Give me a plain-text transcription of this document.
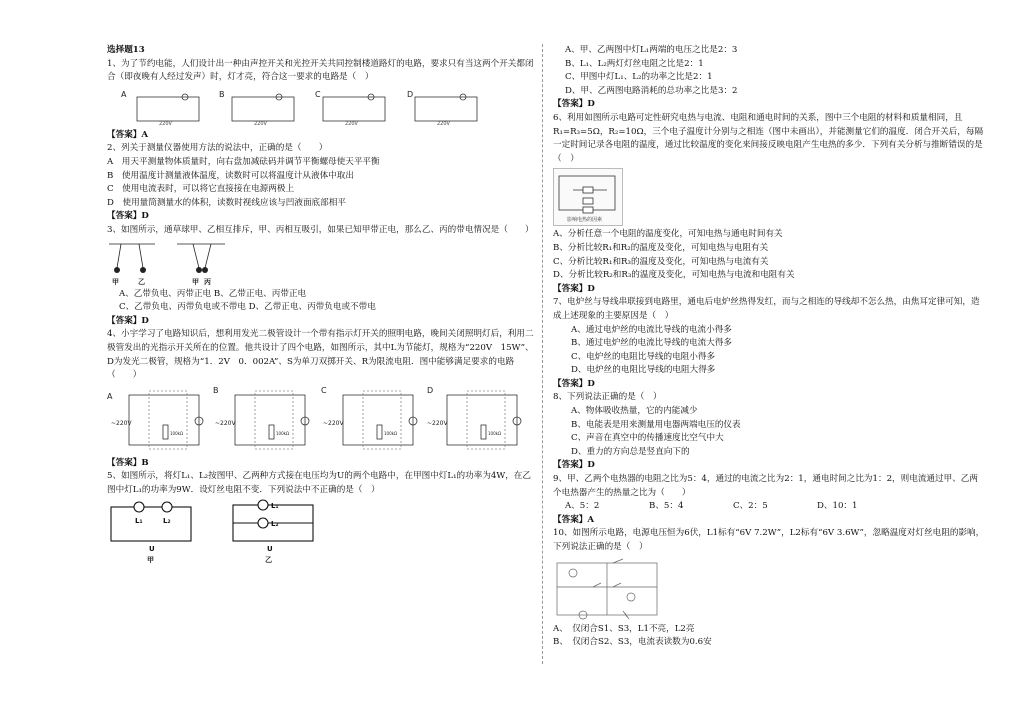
选择题13

1、为了节约电能，人们设计出一种由声控开关和光控开关共同控制楼道路灯的电路，要求只有当这两个开关都闭合（即夜晚有人经过发声）时，灯才亮，符合这一要求的电路是（　）

A	B	C	D
220V	220V	220V	220V

【答案】A

2、列关于测量仪器使用方法的说法中，正确的是（　　）

A　用天平测量物体质量时，向右盘加减砝码并调节平衡螺母使天平平衡

B　使用温度计测量液体温度，读数时可以将温度计从液体中取出

C　使用电流表时，可以将它直接接在电源两极上

D　使用量筒测量水的体积，读数时视线应该与凹液面底部相平

【答案】D

3、如图所示，通草球甲、乙相互排斥，甲、丙相互吸引，如果已知甲带正电，那么乙、丙的带电情况是（　　）

甲	乙	甲 丙

A、乙带负电、丙带正电 B、乙带正电、丙带正电

C、乙带负电、丙带负电或不带电 D、乙带正电、丙带负电或不带电

【答案】D

4、小宇学习了电路知识后，想利用发光二极管设计一个带有指示灯开关的照明电路，晚间关闭照明灯后，利用二极管发出的光指示开关所在的位置。他共设计了四个电路，如图所示，其中L为节能灯，规格为“220V　15W”、D为发光二极管，规格为“1．2V　0．002A”、S为单刀双掷开关、R为限流电阻．图中能够满足要求的电路（　　）

A
B	C	D
~220V	~220V	~220V	~220V
100kΩ	100kΩ	100kΩ	100kΩ

【答案】B

5、如图所示，将灯L₁、L₂按图甲、乙两种方式接在电压均为U的两个电路中，在甲图中灯L₁的功率为4W，在乙图中灯L₁的功率为9W．设灯丝电阻不变．下列说法中不正确的是（　）

L₁	L₂
U
甲
L₁
L₂
U
乙

A、甲、乙两图中灯L₁两端的电压之比是2：3

B、L₁、L₂两灯灯丝电阻之比是2：1

C、甲图中灯L₁、L₂的功率之比是2：1

D、甲、乙两图电路消耗的总功率之比是3：2

【答案】D

6、利用如图所示电路可定性研究电热与电流、电阻和通电时间的关系，图中三个电阻的材料和质量相同，且R₁=R₃=5Ω，R₂=10Ω，三个电子温度计分别与之相连（图中未画出），并能测量它们的温度．闭合开关后，每隔一定时间记录各电阻的温度，通过比较温度的变化来间接反映电阻产生电热的多少．下列有关分析与推断错误的是（　）

影响电热的因素

A、分析任意一个电阻的温度变化，可知电热与通电时间有关

B、分析比较R₁和R₂的温度及变化，可知电热与电阻有关

C、分析比较R₁和R₃的温度及变化，可知电热与电流有关

D、分析比较R₂和R₃的温度及变化，可知电热与电流和电阻有关

【答案】D

7、电炉丝与导线串联接到电路里，通电后电炉丝热得发红，而与之相连的导线却不怎么热，由焦耳定律可知，造成上述现象的主要原因是（　）

A、通过电炉丝的电流比导线的电流小得多

B、通过电炉丝的电流比导线的电流大得多

C、电炉丝的电阻比导线的电阻小得多

D、电炉丝的电阻比导线的电阻大得多

【答案】D

8、下列说法正确的是（　）

A、物体吸收热量，它的内能减少

B、电能表是用来测量用电器两端电压的仪表

C、声音在真空中的传播速度比空气中大

D、重力的方向总是竖直向下的

【答案】D

9、甲、乙两个电热器的电阻之比为5：4，通过的电流之比为2：1，通电时间之比为1：2，则电流通过甲、乙两个电热器产生的热量之比为（　　）

A、5：2	B、5：4	C、2：5	D、10：1

【答案】A

10、如图所示电路，电源电压恒为6伏，L1标有“6V 7.2W”，L2标有“6V 3.6W”，忽略温度对灯丝电阻的影响，下列说法正确的是（　）

A、　仅闭合S1、S3，L1不亮，L2亮

B、　仅闭合S2、S3，电流表读数为0.6安
